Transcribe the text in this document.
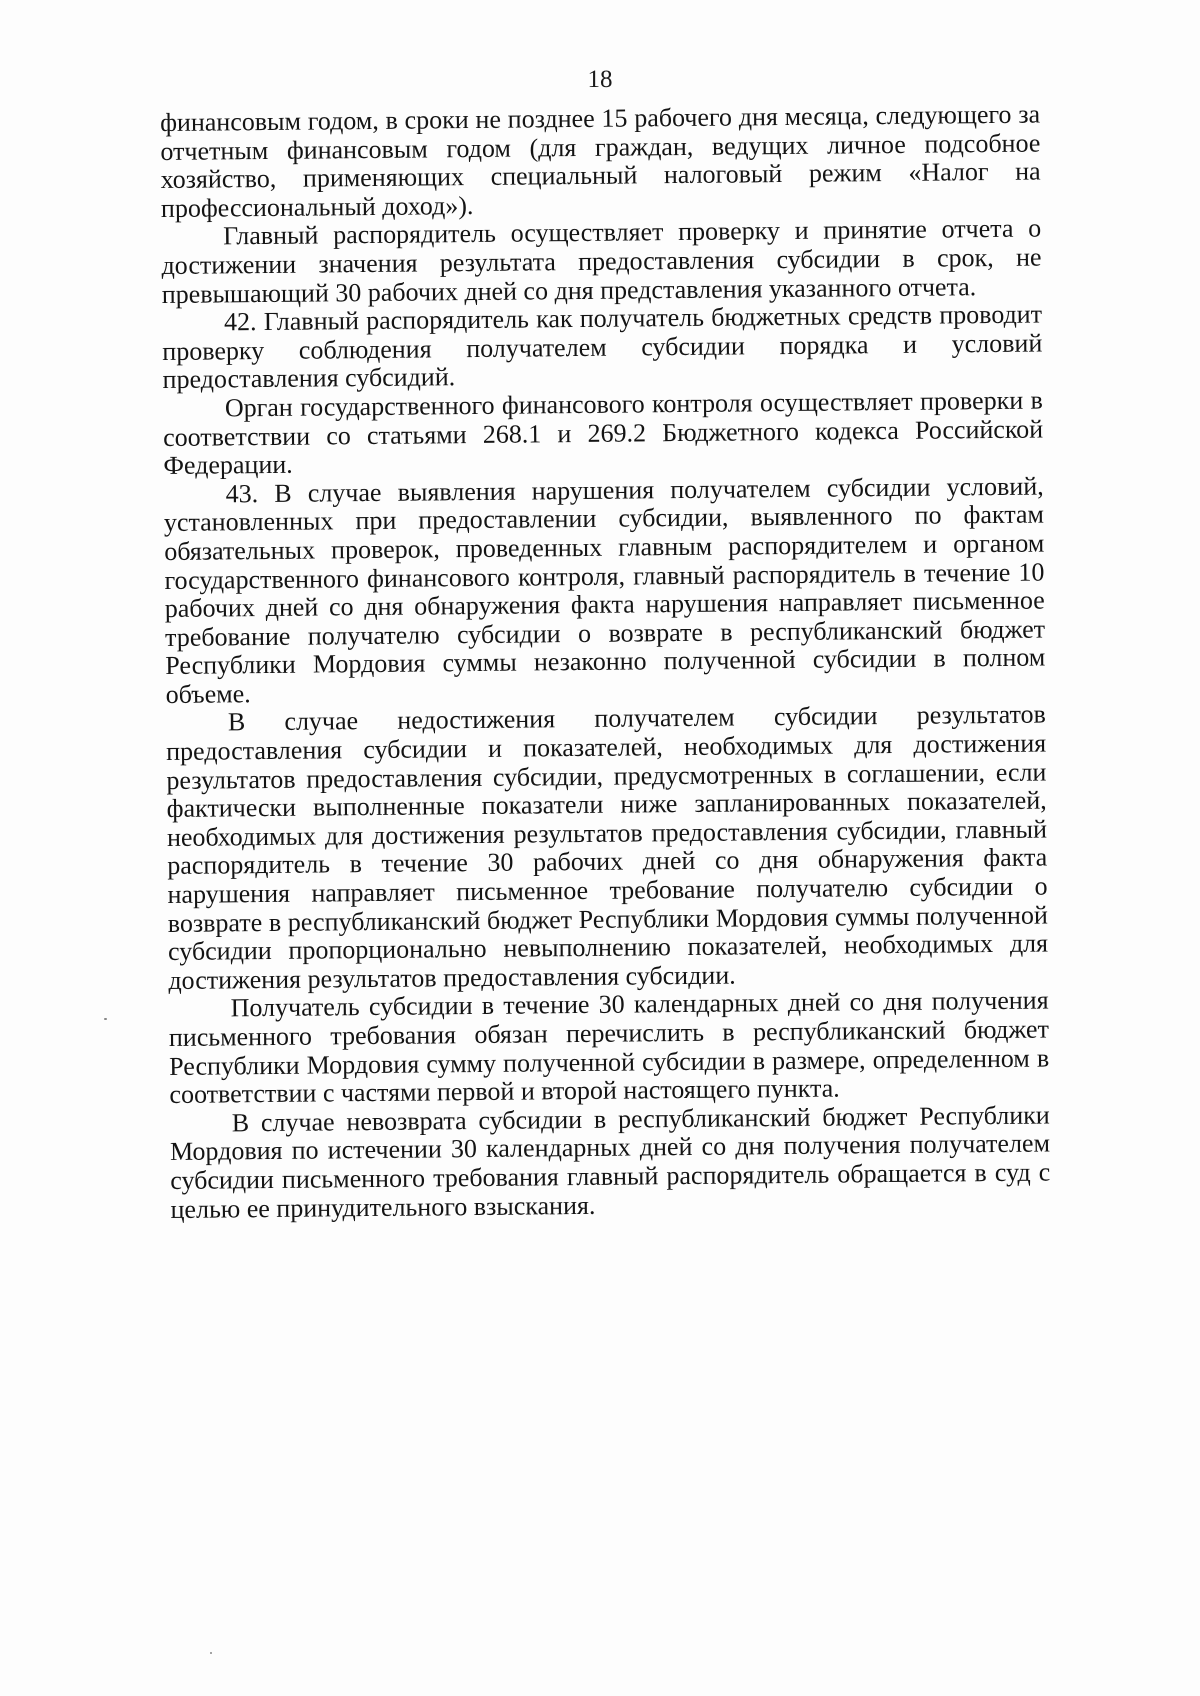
18

финансовым годом, в сроки не позднее 15 рабочего дня месяца, следующего за отчетным финансовым годом (для граждан, ведущих личное подсобное хозяйство, применяющих специальный налоговый режим «Налог на профессиональный доход»).

Главный распорядитель осуществляет проверку и принятие отчета о достижении значения результата предоставления субсидии в срок, не превышающий 30 рабочих дней со дня представления указанного отчета.

42. Главный распорядитель как получатель бюджетных средств проводит проверку соблюдения получателем субсидии порядка и условий предоставления субсидий.

Орган государственного финансового контроля осуществляет проверки в соответствии со статьями 268.1 и 269.2 Бюджетного кодекса Российской Федерации.

43. В случае выявления нарушения получателем субсидии условий, установленных при предоставлении субсидии, выявленного по фактам обязательных проверок, проведенных главным распорядителем и органом государственного финансового контроля, главный распорядитель в течение 10 рабочих дней со дня обнаружения факта нарушения направляет письменное требование получателю субсидии о возврате в республиканский бюджет Республики Мордовия суммы незаконно полученной субсидии в полном объеме.

В случае недостижения получателем субсидии результатов предоставления субсидии и показателей, необходимых для достижения результатов предоставления субсидии, предусмотренных в соглашении, если фактически выполненные показатели ниже запланированных показателей, необходимых для достижения результатов предоставления субсидии, главный распорядитель в течение 30 рабочих дней со дня обнаружения факта нарушения направляет письменное требование получателю субсидии о возврате в республиканский бюджет Республики Мордовия суммы полученной субсидии пропорционально невыполнению показателей, необходимых для достижения результатов предоставления субсидии.

Получатель субсидии в течение 30 календарных дней со дня получения письменного требования обязан перечислить в республиканский бюджет Республики Мордовия сумму полученной субсидии в размере, определенном в соответствии с частями первой и второй настоящего пункта.

В случае невозврата субсидии в республиканский бюджет Республики Мордовия по истечении 30 календарных дней со дня получения получателем субсидии письменного требования главный распорядитель обращается в суд с целью ее принудительного взыскания.
